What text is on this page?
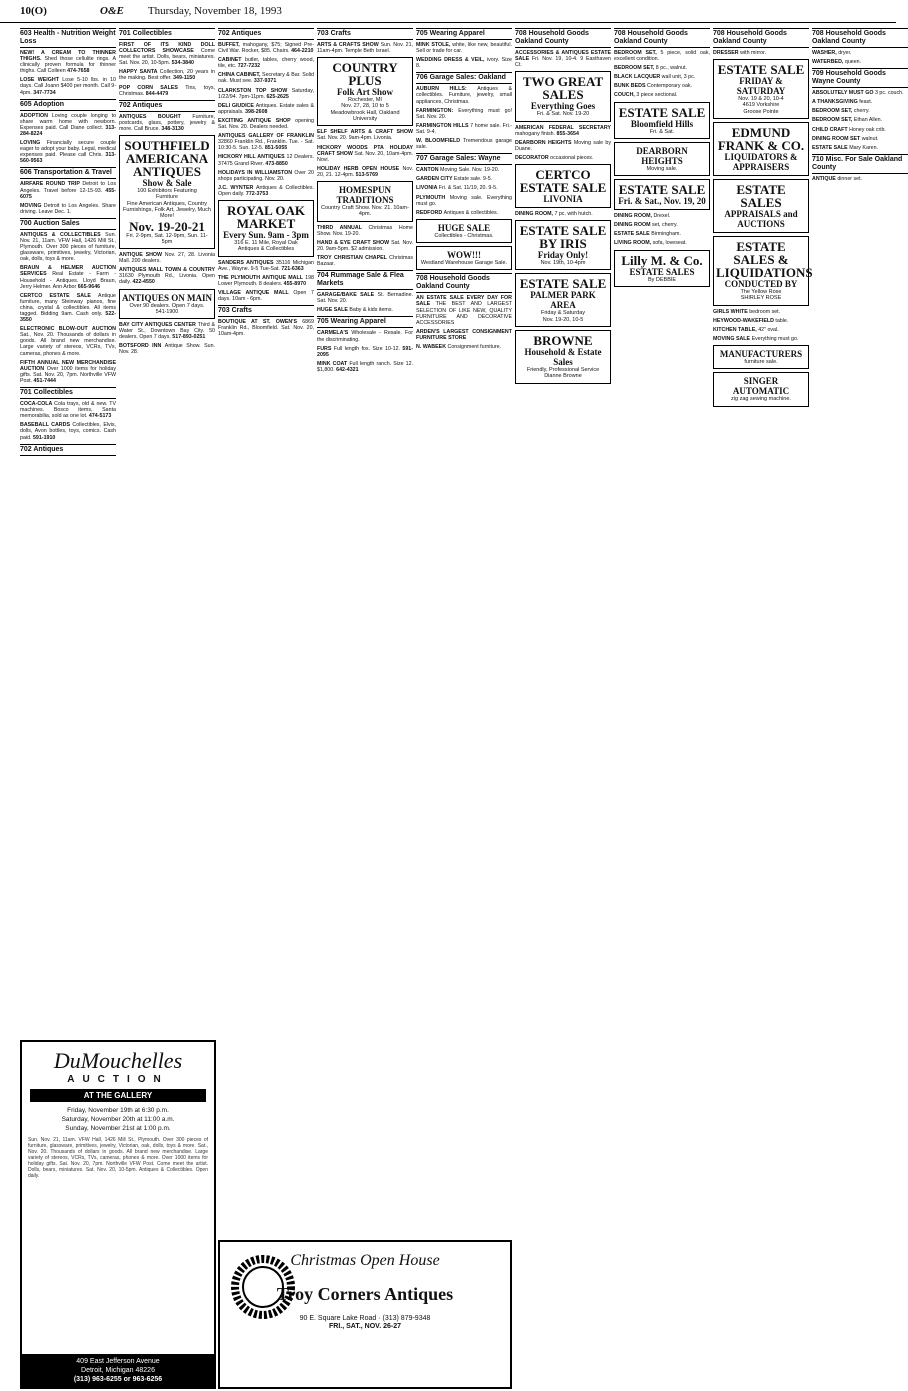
10(O)	O&E Thursday, November 18, 1993
603 Health - Nutrition Weight Loss
NEW! A CREAM TO THINNER THIGHS. Shed those cellulite rings. A clinically proven formula for thinner thighs. Call Colleen 474-7658
LOSE WEIGHT Lose 5-10 lbs. in 10 days. Call Joann $400 per month. Call 9-4pm. 347-7734
605 Adoption
ADOPTION Loving couple longing to share warm home with newborn. Expenses paid. Call Diane collect. 313-284-8224
LOVING Financially secure couple eager to adopt your baby. Legal, medical expenses paid. Please call Chris. 313-560-9563
606 Transportation & Travel
AIRFARE ROUND TRIP Detroit to Los Angeles. Travel before 12-15-93. 455-6075
MOVING Detroit to Los Angeles. Share driving. Leave Dec. 1.
700 Auction Sales
ANTIQUES & COLLECTIBLES Sun. Nov. 21, 11am. VFW Hall, 1426 Mill St., Plymouth. Over 300 pieces of furniture, glassware, primitives, jewelry, Victorian, oak, dolls, toys & more.
BRAUN & HELMER AUCTION SERVICES Real Estate - Farm - Household - Antiques. Lloyd Braun, Jerry Helmer. Ann Arbor 665-9646
CERTCO ESTATE SALE Antique furniture, many Steinway pianos, fine china, crystal & collectibles. All items tagged. Bidding 9am. Cash only. 522-3550
ELECTRONIC BLOW-OUT AUCTION Sat., Nov. 20. Thousands of dollars in goods. All brand new merchandise. Large variety of stereos, VCRs, TVs, cameras, phones & more.
FIFTH ANNUAL NEW MERCHANDISE AUCTION Over 1000 items for holiday gifts. Sat. Nov. 20, 7pm. Northville VFW Post. 451-7444
701 Collectibles
COCA-COLA Cola trays, old & new. TV machines. Bosco items, Santa memorabilia, sold as one lot. 474-5173
BASEBALL CARDS Collectibles, Elvis, dolls, Avon bottles, toys, comics. Cash paid. 591-1910
702 Antiques
701 Collectibles
FIRST OF ITS KIND DOLL COLLECTORS SHOWCASE Come meet the artist. Dolls, bears, miniatures. Sat. Nov. 20, 10-5pm. 534-3840
HAPPY SANTA Collection, 20 years in the making. Best offer. 349-1150
POP CORN SALES Tins, toys, Christmas. 844-4479
702 Antiques
ANTIQUES BOUGHT Furniture, postcards, glass, pottery, jewelry & more. Call Bruce. 348-3130
SOUTHFIELD AMERICANA ANTIQUES
Show & Sale
100 Exhibitors Featuring
Furniture
Fine American Antiques, Country Furnishings, Folk Art, Jewelry, Much More!
Nov. 19-20-21
Fri. 2-9pm, Sat. 12-9pm, Sun. 11-5pm
ANTIQUE SHOW Nov. 27, 28. Livonia Mall. 200 dealers.
ANTIQUES MALL TOWN & COUNTRY 31630 Plymouth Rd., Livonia. Open daily. 422-4550
ANTIQUES ON MAIN
Over 90 dealers. Open 7 days.
541-1900
BAY CITY ANTIQUES CENTER Third & Water St., Downtown Bay City. 50 dealers. Open 7 days. 517-893-0251
BOTSFORD INN Antique Show. Sun. Nov. 28.
702 Antiques
BUFFET, mahogany, $75; Signed Pre-Civil War. Rocker, $85. Chairs. 464-2210
CABINET butler, tables, cherry wood, tile, etc. 727-7232
CHINA CABINET, Secretary & Bar. Solid oak. Must see. 337-9371
CLARKSTON TOP SHOW Saturday, 1/22/94. 7pm-11pm. 625-2625
DELI GIUDICE Antiques. Estate sales & appraisals. 398-2608
EXCITING ANTIQUE SHOP opening Sat. Nov. 20. Dealers needed.
ANTIQUES GALLERY OF FRANKLIN 32860 Franklin Rd., Franklin. Tue. - Sat. 10:30-5. Sun. 12-5. 851-5055
HICKORY HILL ANTIQUES 12 Dealers. 37475 Grand River. 473-8850
HOLIDAYS IN WILLIAMSTON Over 20 shops participating. Nov. 20.
J.C. WYNTER Antiques & Collectibles. Open daily. 772-3753
ROYAL OAK MARKET
Every Sun. 9am - 3pm
316 E. 11 Mile, Royal Oak
Antiques & Collectibles
SANDERS ANTIQUES 35116 Michigan Ave., Wayne. 9-5 Tue-Sat. 721-6363
THE PLYMOUTH ANTIQUE MALL 198 Lower Plymouth. 8 dealers. 455-8970
VILLAGE ANTIQUE MALL Open 7 days. 10am - 6pm.
703 Crafts
BOUTIQUE AT ST. OWEN'S 6869 Franklin Rd., Bloomfield. Sat. Nov. 20, 10am-4pm.
703 Crafts
ARTS & CRAFTS SHOW Sun. Nov. 21, 11am-4pm. Temple Beth Israel.
COUNTRY PLUS
Folk Art Show
Rochester, MI
Nov. 27, 28, 10 to 5
Meadowbrook Hall, Oakland University
ELF SHELF ARTS & CRAFT SHOW Sat. Nov. 20. 9am-4pm. Livonia.
HICKORY WOODS PTA HOLIDAY CRAFT SHOW Sat. Nov. 20, 10am-4pm. Novi.
HOLIDAY HERB OPEN HOUSE Nov. 20, 21. 12-4pm. 513-5769
HOMESPUN TRADITIONS
Country Craft Show. Nov. 21. 10am-4pm.
THIRD ANNUAL Christmas Home Show. Nov. 19-20.
HAND & EYE CRAFT SHOW Sat. Nov. 20. 9am-5pm. $2 admission.
TROY CHRISTIAN CHAPEL Christmas Bazaar.
704 Rummage Sale & Flea Markets
GARAGE/BAKE SALE St. Bernadine. Sat. Nov. 20.
HUGE SALE Baby & kids items.
705 Wearing Apparel
CARMELA'S Wholesale - Resale. For the discriminating.
FURS Full length fox. Size 10-12. 591-2095
MINK COAT Full length ranch. Size 12. $1,800. 642-4321
705 Wearing Apparel
MINK STOLE, white, like new, beautiful. Sell or trade for car.
WEDDING DRESS & VEIL, ivory. Size 8.
706 Garage Sales: Oakland
AUBURN HILLS: Antiques & collectibles. Furniture, jewelry, small appliances, Christmas.
FARMINGTON: Everything must go! Sat. Nov. 20.
FARMINGTON HILLS 7 home sale. Fri.-Sat. 9-4.
W. BLOOMFIELD Tremendous garage sale.
707 Garage Sales: Wayne
CANTON Moving Sale. Nov. 19-20.
GARDEN CITY Estate sale. 9-5.
LIVONIA Fri. & Sat. 11/19, 20. 9-5.
PLYMOUTH Moving sale. Everything must go.
REDFORD Antiques & collectibles.
HUGE SALE
Collectibles - Christmas.
WOW!!!
Westland Warehouse Garage Sale.
708 Household Goods Oakland County
AN ESTATE SALE EVERY DAY FOR SALE THE BEST AND LARGEST SELECTION OF LIKE NEW, QUALITY FURNITURE AND DECORATIVE ACCESSORIES
ARDEN'S LARGEST CONSIGNMENT FURNITURE STORE
N. WABEEK Consignment furniture.
708 Household Goods Oakland County
ACCESSORIES & ANTIQUES ESTATE SALE Fri. Nov. 19, 10-4. 9 Easthaven Ct.
TWO GREAT SALES
Everything Goes
Fri. & Sat. Nov. 19-20
AMERICAN FEDERAL SECRETARY mahogany finish. 855-3654
DEARBORN HEIGHTS Moving sale by Duane.
DECORATOR occasional pieces.
CERTCO ESTATE SALE
LIVONIA
DINING ROOM, 7 pc. with hutch.
ESTATE SALE BY IRIS
Friday Only!
Nov. 19th, 10-4pm
ESTATE SALE
PALMER PARK AREA
Friday & Saturday
Nov. 19-20, 10-5
BROWNE
Household & Estate Sales
Friendly, Professional Service
Dianne Browne
708 Household Goods Oakland County
BEDROOM SET, 5 piece, solid oak, excellent condition.
BEDROOM SET, 8 pc., walnut.
BLACK LACQUER wall unit, 3 pc.
BUNK BEDS Contemporary oak.
COUCH, 3 piece sectional.
ESTATE SALE
Bloomfield Hills
Fri. & Sat.
DEARBORN HEIGHTS
Moving sale.
ESTATE SALE
Fri. & Sat., Nov. 19, 20
DINING ROOM, Drexel.
DINING ROOM set, cherry.
ESTATE SALE Birmingham.
LIVING ROOM, sofa, loveseat.
Lilly M. & Co.
ESTATE SALES
By DEBBIE
708 Household Goods Oakland County
DRESSER with mirror.
ESTATE SALE
FRIDAY & SATURDAY
Nov. 19 & 20, 10-4
4619 Vorkshire
Groose Pointe
EDMUND FRANK & CO.
LIQUIDATORS & APPRAISERS
ESTATE SALES
APPRAISALS and AUCTIONS
ESTATE SALES & LIQUIDATIONS
CONDUCTED BY
The Yellow Rose
SHIRLEY ROSE
GIRLS WHITE bedroom set.
HEYWOOD-WAKEFIELD table.
KITCHEN TABLE, 42" oval.
MOVING SALE Everything must go.
MANUFACTURERS
furniture sale.
SINGER AUTOMATIC
zig zag sewing machine.
708 Household Goods Oakland County
WASHER, dryer.
WATERBED, queen.
709 Household Goods Wayne County
ABSOLUTELY MUST GO 3 pc. couch.
A THANKSGIVING feast.
BEDROOM SET, cherry.
BEDROOM SET, Ethan Allen.
CHILD CRAFT Honey oak crib.
DINING ROOM SET walnut.
ESTATE SALE Mary Karen.
710 Misc. For Sale Oakland County
ANTIQUE dinner set.
DuMouchelles
AUCTION
AT THE GALLERY
Friday, November 19th at 6:30 p.m.
Saturday, November 20th at 11:00 a.m.
Sunday, November 21st at 1:00 p.m.
Sun. Nov. 21, 11am. VFW Hall, 1426 Mill St., Plymouth. Over 300 pieces of furniture, glassware, primitives, jewelry, Victorian, oak, dolls, toys & more. Sat., Nov. 20. Thousands of dollars in goods. All brand new merchandise. Large variety of stereos, VCRs, TVs, cameras, phones & more. Over 1000 items for holiday gifts. Sat. Nov. 20, 7pm. Northville VFW Post. Come meet the artist. Dolls, bears, miniatures. Sat. Nov. 20, 10-5pm. Antiques & Collectibles. Open daily.
409 East Jefferson Avenue
Detroit, Michigan 48226
(313) 963-6255 or 963-6256
Christmas Open House
Troy Corners Antiques
90 E. Square Lake Road · (313) 879-9348
FRI., SAT., NOV. 26-27
